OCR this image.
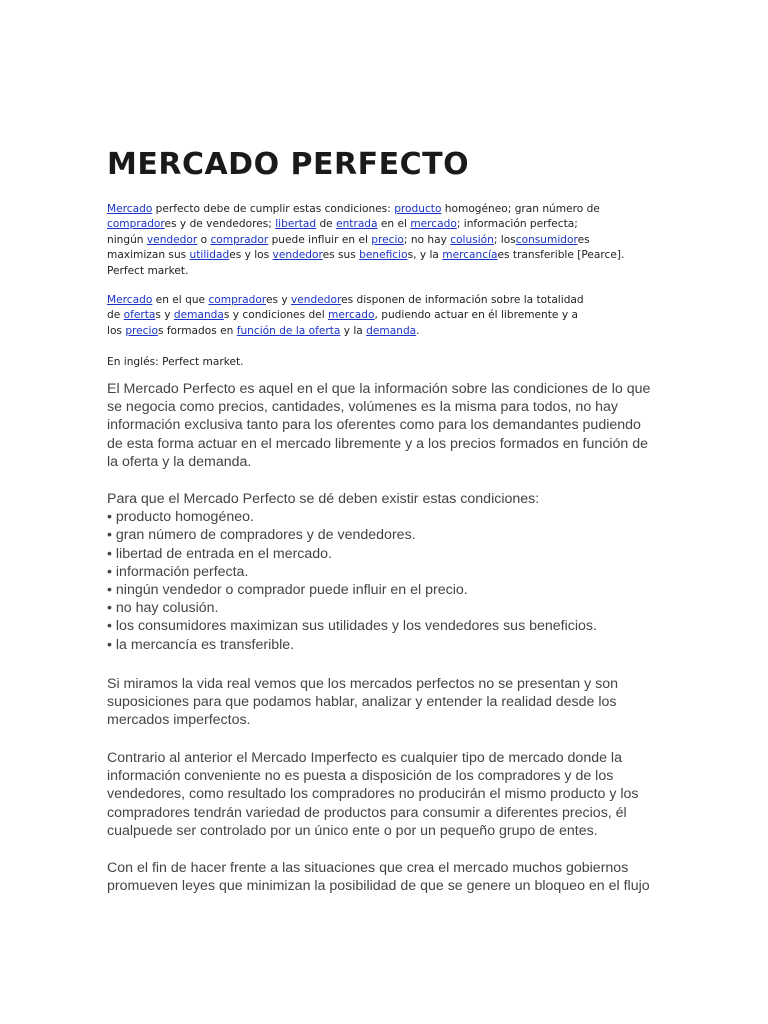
MERCADO PERFECTO
Mercado perfecto debe de cumplir estas condiciones: producto homogéneo; gran número de
compradores y de vendedores; libertad de entrada en el mercado; información perfecta;
ningún vendedor o comprador puede influir en el precio; no hay colusión; losconsumidores
maximizan sus utilidades y los vendedores sus beneficios, y la mercancíaes transferible [Pearce].
Perfect market.
Mercado en el que compradores y vendedores disponen de información sobre la totalidad
de ofertas y demandas y condiciones del mercado, pudiendo actuar en él libremente y a
los precios formados en función de la oferta y la demanda.
En inglés: Perfect market.
El Mercado Perfecto es aquel en el que la información sobre las condiciones de lo que
se negocia como precios, cantidades, volúmenes es la misma para todos, no hay
información exclusiva tanto para los oferentes como para los demandantes pudiendo
de esta forma actuar en el mercado libremente y a los precios formados en función de
la oferta y la demanda.
Para que el Mercado Perfecto se dé deben existir estas condiciones:
• producto homogéneo.
• gran número de compradores y de vendedores.
• libertad de entrada en el mercado.
• información perfecta.
• ningún vendedor o comprador puede influir en el precio.
• no hay colusión.
• los consumidores maximizan sus utilidades y los vendedores sus beneficios.
• la mercancía es transferible.
Si miramos la vida real vemos que los mercados perfectos no se presentan y son
suposiciones para que podamos hablar, analizar y entender la realidad desde los
mercados imperfectos.
Contrario al anterior el Mercado Imperfecto es cualquier tipo de mercado donde la
información conveniente no es puesta a disposición de los compradores y de los
vendedores, como resultado los compradores no producirán el mismo producto y los
compradores tendrán variedad de productos para consumir a diferentes precios, él
cualpuede ser controlado por un único ente o por un pequeño grupo de entes.
Con el fin de hacer frente a las situaciones que crea el mercado muchos gobiernos
promueven leyes que minimizan la posibilidad de que se genere un bloqueo en el flujo
